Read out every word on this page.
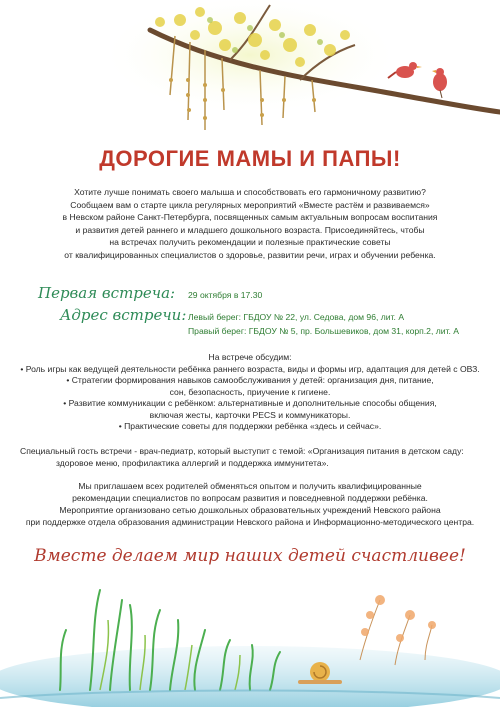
ДОРОГИЕ МАМЫ И ПАПЫ!
Хотите лучше понимать своего малыша и способствовать его гармоничному развитию?
Сообщаем вам о старте цикла регулярных мероприятий «Вместе растём и развиваемся»
в Невском районе Санкт-Петербурга, посвященных самым актуальным вопросам воспитания
и развития детей раннего и младшего дошкольного возраста. Присоединяйтесь, чтобы
на встречах получить рекомендации и полезные практические советы
от квалифицированных специалистов о здоровье, развитии речи, играх и обучении ребенка.
Первая встреча: 29 октября в 17.30
Адрес встречи: Левый берег: ГБДОУ № 22, ул. Седова, дом 96, лит. А
Правый берег: ГБДОУ № 5, пр. Большевиков, дом 31, корп.2, лит. А
На встрече обсудим:
• Роль игры как ведущей деятельности ребёнка раннего возраста, виды и формы игр, адаптация для детей с ОВЗ.
• Стратегии формирования навыков самообслуживания у детей: организация дня, питание,
сон, безопасность, приучение к гигиене.
• Развитие коммуникации с ребёнком: альтернативные и дополнительные способы общения,
включая жесты, карточки PECS и коммуникаторы.
• Практические советы для поддержки ребёнка «здесь и сейчас».
Специальный гость встречи - врач-педиатр, который выступит с темой: «Организация питания в детском саду:
здоровое меню, профилактика аллергий и поддержка иммунитета».
Мы приглашаем всех родителей обменяться опытом и получить квалифицированные
рекомендации специалистов по вопросам развития и повседневной поддержки ребёнка.
Мероприятие организовано сетью дошкольных образовательных учреждений Невского района
при поддержке отдела образования администрации Невского района и Информационно-методического центра.
Вместе делаем мир наших детей счастливее!
